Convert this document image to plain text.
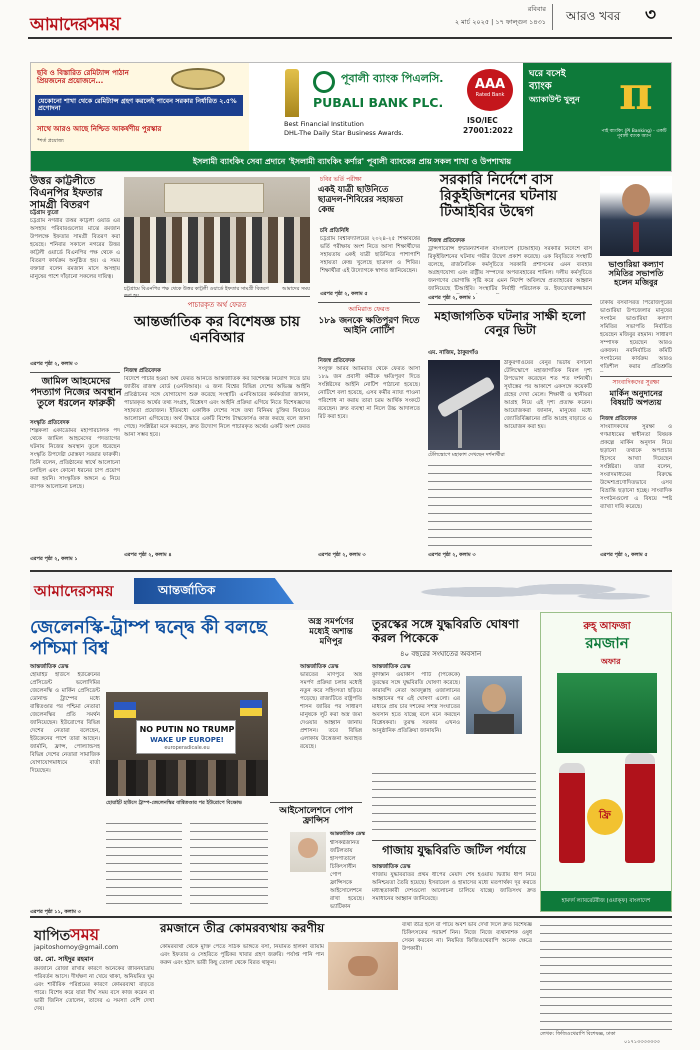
আমাদেরসময়
রবিবার
২ মার্চ ২০২৫ | ১৭ ফাল্গুন ১৪৩১ আরও খবর ৩
ছবি ও বিস্তারিত রেমিট্যান্স পাঠান প্রিয়জনের প্রয়োজনে...
যেকোনো শাখা থেকে রেমিট্যান্স গ্রহণ করলেই পাবেন সরকার নির্ধারিত ২.৫% প্রণোদনা
সাথে আরও আছে নিশ্চিত আকর্ষণীয় পুরস্কার
*শর্ত প্রযোজ্য
পূবালী ব্যাংক পিএলসি.
PUBALI BANK PLC.
Best Financial Institution
DHL-The Daily Star Business Awards.
AAA
Rated Bank
ISO/IEC
27001:2022
ঘরে বসেই
ব্যাংক
অ্যাকাউন্ট খুলুন π
পাই ব্যাংকিং (PI Banking) - একটি পূবালী ব্যাংক অ্যাপ
ইসলামী ব্যাংকিং সেবা প্রদানে 'ইসলামী ব্যাংকিং কর্ণার' পূবালী ব্যাংকের প্রায় সকল শাখা ও উপশাখায়
উত্তর কাট্টলীতে বিএনপির ইফতার সামগ্রী বিতরণ
চট্টগ্রাম ব্যুরো
চট্টগ্রাম নগরীর উত্তর কাট্টলী ওয়ার্ড এর অসহায় পরিবারগুলোর মাঝে রমজান উপলক্ষে ইফতার সামগ্রী বিতরণ করা হয়েছে। শনিবার সকালে নগরের উত্তর কাট্টলী ওয়ার্ডে বিএনপির পক্ষ থেকে এ বিতরণ কার্যক্রম অনুষ্ঠিত হয়। এ সময় বক্তারা বলেন রমজান মাসে অসহায় মানুষের পাশে দাঁড়ানো সকলের দায়িত্ব।
এরপর পৃষ্ঠা ২, কলাম ৩
জামিল আহমেদের পদত্যাগ নিজের অবস্থান তুলে ধরলেন ফারুকী
সংস্কৃতি প্রতিবেদক
শিল্পকলা একাডেমির মহাপরিচালক পদ থেকে জামিল আহমেদের পদত্যাগের ঘটনায় নিজের অবস্থান তুলে ধরেছেন সংস্কৃতি উপদেষ্টা মোস্তফা সরয়ার ফারুকী। তিনি বলেন, প্রতিষ্ঠানের স্বার্থে আলোচনা চলছিল এবং কোনো ধরনের চাপ প্রয়োগ করা হয়নি। সাংস্কৃতিক অঙ্গনে এ নিয়ে ব্যাপক আলোচনা চলছে।
এরপর পৃষ্ঠা ২, কলাম ১
চট্টগ্রামে বিএনপির পক্ষ থেকে উত্তর কাট্টলী ওয়ার্ডে ইফতার সামগ্রী বিতরণ	আমাদের সময়
চবির ভর্তি পরীক্ষা
একই যাত্রী ছাউনিতে ছাত্রদল-শিবিরের সহায়তা কেন্দ্র
চবি প্রতিনিধি
চট্টগ্রাম বিশ্ববিদ্যালয়ের ২০২৪-২৫ শিক্ষাবর্ষের ভর্তি পরীক্ষায় অংশ নিতে আসা শিক্ষার্থীদের সহায়তায় একই যাত্রী ছাউনিতে পাশাপাশি সহায়তা কেন্দ্র খুলেছে ছাত্রদল ও শিবির। শিক্ষার্থীরা এই উদ্যোগকে স্বাগত জানিয়েছেন।
এরপর পৃষ্ঠা ২, কলাম ৫
সরকারি নির্দেশে বাস রিকুইজিশনের ঘটনায় টিআইবির উদ্বেগ
নিজস্ব প্রতিবেদক
ট্রান্সপারেন্সি ইন্টারন্যাশনাল বাংলাদেশ (টিআইবি) সরকারি নির্দেশে বাস রিকুইজিশনের ঘটনায় গভীর উদ্বেগ প্রকাশ করেছে। এক বিবৃতিতে সংস্থাটি বলেছে, রাজনৈতিক কর্মসূচিতে সরকারি প্রশাসনের এমন ব্যবহার অগ্রহণযোগ্য এবং রাষ্ট্রীয় সম্পদের অপব্যবহারের শামিল। দলীয় কর্মসূচিতে জনগণের ভোগান্তি সৃষ্টি করে এমন নির্দেশ অবিলম্বে প্রত্যাহারের আহ্বান জানিয়েছে টিআইবি। সংস্থাটির নির্বাহী পরিচালক ড. ইফতেখারুজ্জামান
এরপর পৃষ্ঠা ২, কলাম ১
ভাণ্ডারিয়া কল্যাণ সমিতির সভাপতি হলেন মজিবুর
ঢাকায় বসবাসরত পিরোজপুরের ভাণ্ডারিয়া উপজেলার মানুষের সংগঠন ভাণ্ডারিয়া কল্যাণ সমিতির সভাপতি নির্বাচিত হয়েছেন মজিবুর রহমান। সাধারণ সম্পাদক হয়েছেন আরও একজন। নবনির্বাচিত কমিটি সংগঠনের কার্যক্রম আরও গতিশীল করার প্রতিশ্রুতি
সাংবাদিকদের সুরক্ষা
মার্কিন অনুদানের বিষয়টি অপত্যয়
নিজস্ব প্রতিবেদক
সাংবাদিকদের সুরক্ষা ও গণমাধ্যমের স্বাধীনতা বিষয়ক প্রকল্পে মার্কিন অনুদান নিয়ে ছড়ানো তথ্যকে অপপ্রচার হিসেবে আখ্যা দিয়েছেন সংশ্লিষ্টরা। তারা বলেন, সংবাদমাধ্যমের বিরুদ্ধে উদ্দেশ্যপ্রণোদিতভাবে এসব বিভ্রান্তি ছড়ানো হচ্ছে। সাংবাদিক সংগঠনগুলো এ বিষয়ে স্পষ্ট ব্যাখ্যা দাবি করেছে।
এরপর পৃষ্ঠা ২, কলাম ৫
পাচারকৃত অর্থ ফেরত
আন্তর্জাতিক কর বিশেষজ্ঞ চায় এনবিআর
নিজস্ব প্রতিবেদক
বিদেশে পাচার হওয়া অর্থ ফেরত আনতে আন্তর্জাতিক কর বিশেষজ্ঞ নিয়োগ দিতে চায় জাতীয় রাজস্ব বোর্ড (এনবিআর)। এ জন্য বিশ্বের বিভিন্ন দেশের অভিজ্ঞ আইনি প্রতিষ্ঠানের সঙ্গে যোগাযোগ শুরু করেছে সংস্থাটি। এনবিআরের কর্মকর্তারা জানান, পাচারকৃত অর্থের তথ্য সংগ্রহ, বিশ্লেষণ এবং আইনি প্রক্রিয়া এগিয়ে নিতে বিশেষজ্ঞদের সহায়তা প্রয়োজন। ইতিমধ্যে একাধিক দেশের সঙ্গে তথ্য বিনিময় চুক্তির বিষয়েও আলোচনা এগিয়েছে। অর্থ উদ্ধারে একটি বিশেষ টাস্কফোর্সও কাজ করছে বলে জানা গেছে। সংশ্লিষ্টরা মনে করছেন, দ্রুত উদ্যোগ নিলে পাচারকৃত অর্থের একটি অংশ ফেরত আনা সম্ভব হবে।
এরপর পৃষ্ঠা ২, কলাম ৪
আমিরাত ফেরত
১৮৯ জনকে ক্ষতিপূরণ দিতে আইনি নোটিশ
নিজস্ব প্রতিবেদক
সংযুক্ত আরব আমিরাত থেকে ফেরত আসা ১৮৯ জন প্রবাসী কর্মীকে ক্ষতিপূরণ দিতে সংশ্লিষ্টদের আইনি নোটিশ পাঠানো হয়েছে। নোটিশে বলা হয়েছে, এসব কর্মীর ন্যায্য পাওনা পরিশোধ না করায় তারা চরম আর্থিক সংকটে রয়েছেন। দ্রুত ব্যবস্থা না নিলে উচ্চ আদালতে রিট করা হবে।
এরপর পৃষ্ঠা ২, কলাম ৩
মহাজাগতিক ঘটনার সাক্ষী হলো বেনুর ভিটা
এম. নাজিম, ঠাকুরগাঁও
টেলিস্কোপে মহাকাশ দেখছেন দর্শনার্থীরা
ঠাকুরগাঁওয়ের বেনুর ভিটায় বসানো টেলিস্কোপে মহাজাগতিক বিরল দৃশ্য উপভোগ করেছেন শত শত দর্শনার্থী। সূর্যাস্তের পর আকাশে একসঙ্গে কয়েকটি গ্রহের দেখা মেলে। শিক্ষার্থী ও স্থানীয়রা আগ্রহ নিয়ে এই দৃশ্য প্রত্যক্ষ করেন। আয়োজকরা জানান, মানুষের মধ্যে জ্যোতির্বিজ্ঞানের প্রতি আগ্রহ বাড়াতে এ আয়োজন করা হয়।
এরপর পৃষ্ঠা ২, কলাম ৩
আমাদেরসময়	আন্তর্জাতিক
জেলেনস্কি-ট্রাম্প দ্বন্দ্বে কী বলছে পশ্চিমা বিশ্ব
আন্তর্জাতিক ডেস্ক
হোয়াইট হাউসে ইউক্রেনের প্রেসিডেন্ট ভলোদিমির জেলেনস্কি ও মার্কিন প্রেসিডেন্ট ডোনাল্ড ট্রাম্পের মধ্যে বাগ্বিতণ্ডার পর পশ্চিমা নেতারা জেলেনস্কির প্রতি সমর্থন জানিয়েছেন। ইউরোপের বিভিন্ন দেশের নেতারা বলেছেন, ইউক্রেনের পাশে তারা আছেন। জার্মানি, ফ্রান্স, পোল্যান্ডসহ বিভিন্ন দেশের নেতারা সামাজিক যোগাযোগমাধ্যমে বার্তা দিয়েছেন।
এরপর পৃষ্ঠা ১১, কলাম ৩
NO PUTIN NO TRUMP
WAKE UP EUROPE!
europeradicale.eu
হোয়াইট হাউসে ট্রাম্প-জেলেনস্কির বাগ্বিতণ্ডার পর ইউরোপে বিক্ষোভ
অস্ত্র সমর্পণের মধ্যেই অশান্ত মণিপুর
আন্তর্জাতিক ডেস্ক
ভারতের মণিপুরে অস্ত্র সমর্পণ প্রক্রিয়া চলার মধ্যেই নতুন করে সহিংসতা ছড়িয়ে পড়েছে। রাজ্যটিতে রাষ্ট্রপতি শাসন জারির পর সাধারণ মানুষকে লুট করা অস্ত্র জমা দেওয়ার আহ্বান জানায় প্রশাসন। তবে বিভিন্ন এলাকায় উত্তেজনা অব্যাহত রয়েছে।
আইসোলেশনে পোপ ফ্রান্সিস
আন্তর্জাতিক ডেস্ক
শ্বাসকষ্টজনিত জটিলতায় হাসপাতালে চিকিৎসাধীন পোপ ফ্রান্সিসকে আইসোলেশনে রাখা হয়েছে। ভ্যাটিকান
তুরস্কের সঙ্গে যুদ্ধবিরতি ঘোষণা করল পিকেকে
৪০ বছরের সংঘাতের অবসান
আন্তর্জাতিক ডেস্ক
কুর্দিস্তান ওয়ার্কার্স পার্টি (পিকেকে) তুরস্কের সঙ্গে যুদ্ধবিরতি ঘোষণা করেছে। কারাবন্দি নেতা আবদুল্লাহ ওজালানের আহ্বানের পর এই ঘোষণা এলো। এর মাধ্যমে প্রায় চার দশকের সশস্ত্র সংঘাতের অবসান হতে যাচ্ছে বলে মনে করছেন বিশ্লেষকরা। তুরস্ক সরকার এখনও আনুষ্ঠানিক প্রতিক্রিয়া জানায়নি।
গাজায় যুদ্ধবিরতি জটিল পর্যায়ে
আন্তর্জাতিক ডেস্ক
গাজায় যুদ্ধবিরতির প্রথম ধাপের মেয়াদ শেষ হওয়ায় দ্বিতীয় ধাপ নিয়ে অনিশ্চয়তা তৈরি হয়েছে। ইসরায়েল ও হামাসের মধ্যে মতপার্থক্য দূর করতে মধ্যস্থতাকারী দেশগুলো আলোচনা চালিয়ে যাচ্ছে। জাতিসংঘ দ্রুত সমাধানের আহ্বান জানিয়েছে।
রুহ্ আফজা
রমজান
অফার
ফ্রি
হামদর্দ ল্যাবরেটরীজ (ওয়াক্ফ) বাংলাদেশ
যাপিতসময়
japitoshomoy@gmail.com
ডা. মো. সাইদুর রহমান
রমজানে তীব্র কোমরব্যথায় করণীয়
রমজানে রোজা রাখার কারণে অনেকের জীবনযাত্রায় পরিবর্তন আসে। দীর্ঘক্ষণ না খেয়ে থাকা, অনিয়মিত ঘুম এবং শারীরিক পরিশ্রমের কারণে কোমরব্যথা বাড়তে পারে। বিশেষ করে যারা দীর্ঘ সময় বসে কাজ করেন বা ভারী জিনিস তোলেন, তাদের এ সমস্যা বেশি দেখা দেয়।
কোমরব্যথা থেকে মুক্তি পেতে সঠিক ভঙ্গিতে বসা, নিয়মিত হালকা ব্যায়াম এবং ইফতার ও সেহরিতে পুষ্টিকর খাবার গ্রহণ জরুরি। পর্যাপ্ত পানি পান করুন এবং হঠাৎ ভারী কিছু তোলা থেকে বিরত থাকুন।
ব্যথা তীব্র হলে বা পায়ে অবশ ভাব দেখা দিলে দ্রুত বিশেষজ্ঞ চিকিৎসকের পরামর্শ নিন। নিজে নিজে ব্যথানাশক ওষুধ সেবন করবেন না। নিয়মিত ফিজিওথেরাপি অনেক ক্ষেত্রে উপকারী।
লেখক: ফিজিওথেরাপি বিশেষজ্ঞ, ঢাকা
০১৭১৩৩৩৩৩৩৩
